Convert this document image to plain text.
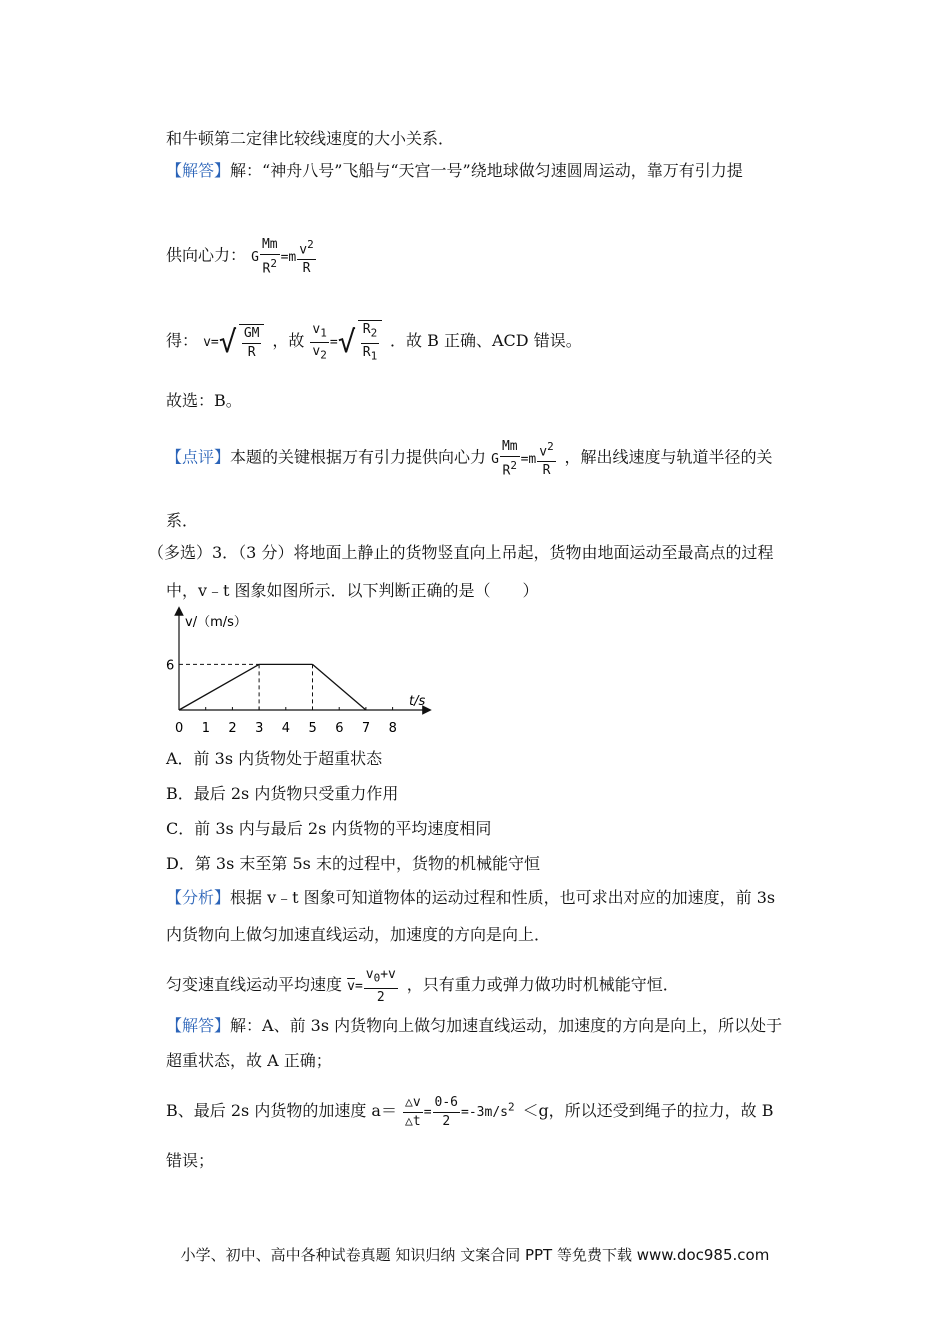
和牛顿第二定律比较线速度的大小关系．
【解答】解：“神舟八号”飞船与“天宫一号”绕地球做匀速圆周运动，靠万有引力提
供向心力： G $\frac{Mm}{R^2} =m \frac{v^2}{R}$
得： $v=√ \frac{GM}{R}$ ，故 $\frac{v_1}{v_2}$ =√ $\frac{R_2}{R_1}$ ．故 B 正确、ACD 错误。
故选：B。
【点评】本题的关键根据万有引力提供向心力 G $\frac{Mm}{R^2} =m \frac{v^2}{R}$ ，解出线速度与轨道半径的关
系．
（多选）3．（3 分）将地面上静止的货物竖直向上吊起，货物由地面运动至最高点的过程
中，v﹣t 图象如图所示．以下判断正确的是（　　）
v/（m/s）
t/s
0 1 2 3 4 5 6 7 8
6
A．前 3s 内货物处于超重状态
B．最后 2s 内货物只受重力作用
C．前 3s 内与最后 2s 内货物的平均速度相同
D．第 3s 末至第 5s 末的过程中，货物的机械能守恒
【分析】根据 v﹣t 图象可知道物体的运动过程和性质，也可求出对应的加速度，前 3s
内货物向上做匀加速直线运动，加速度的方向是向上．
匀变速直线运动平均速度 $\overline{v}= \frac{v_0+v}{2}$ ，只有重力或弹力做功时机械能守恒．
【解答】解：A、前 3s 内货物向上做匀加速直线运动，加速度的方向是向上，所以处于
超重状态，故 A 正确；
B、最后 2s 内货物的加速度 $a= \frac{\triangle v}{\triangle t} = \frac{0-6}{2} =-3m/s^2 <g$，所以还受到绳子的拉力，故 B
错误；
小学、初中、高中各种试卷真题 知识归纳 文案合同 PPT 等免费下载 www.doc985.com
